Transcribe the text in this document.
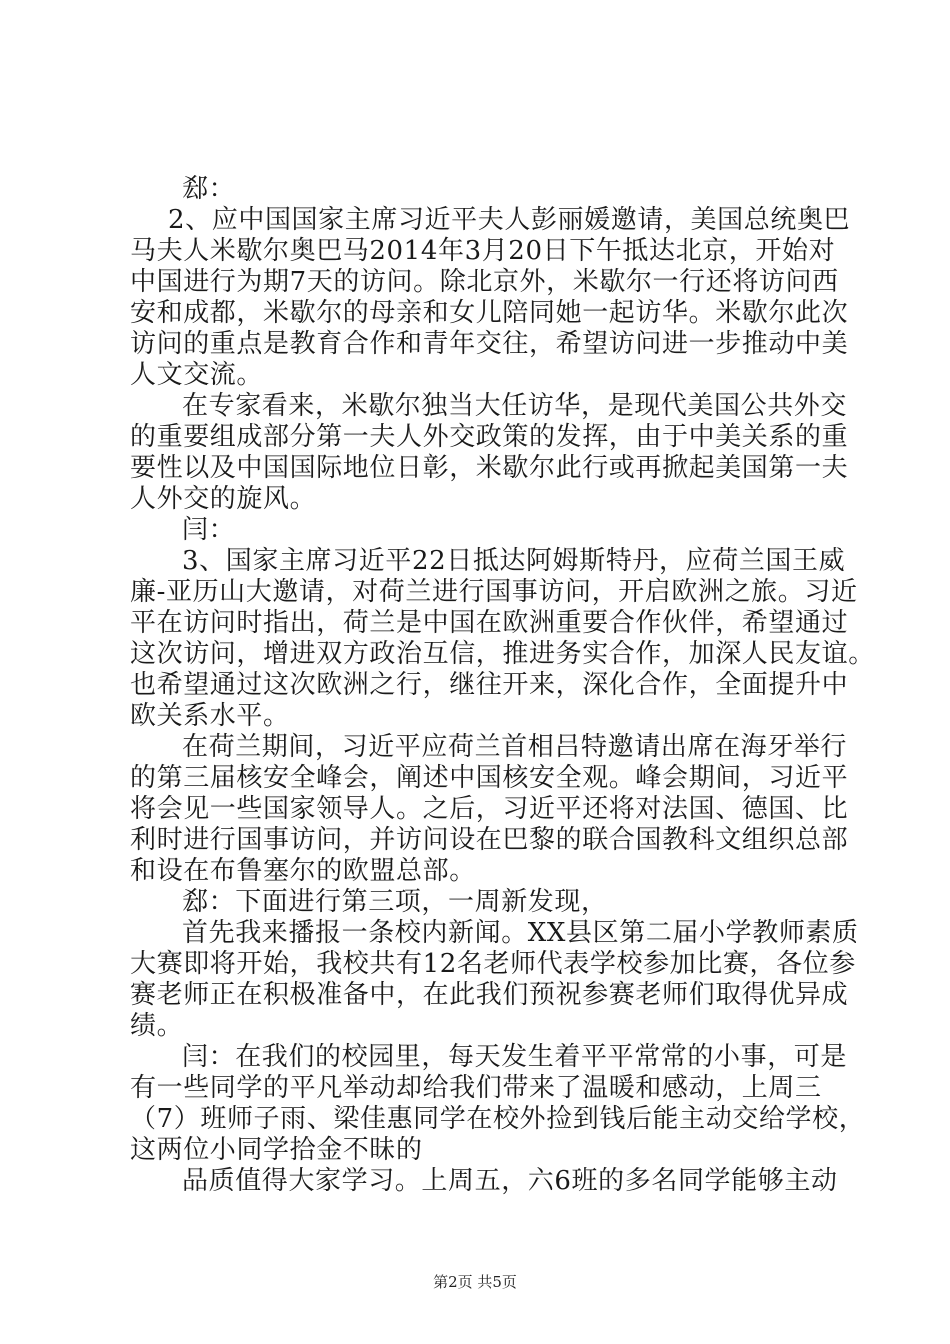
郄：
2、应中国国家主席习近平夫人彭丽媛邀请，美国总统奥巴
马夫人米歇尔奥巴马2014年3月20日下午抵达北京，开始对
中国进行为期7天的访问。除北京外，米歇尔一行还将访问西
安和成都，米歇尔的母亲和女儿陪同她一起访华。米歇尔此次
访问的重点是教育合作和青年交往，希望访问进一步推动中美
人文交流。
在专家看来，米歇尔独当大任访华，是现代美国公共外交
的重要组成部分第一夫人外交政策的发挥，由于中美关系的重
要性以及中国国际地位日彰，米歇尔此行或再掀起美国第一夫
人外交的旋风。
闫：
3、国家主席习近平22日抵达阿姆斯特丹，应荷兰国王威
廉-亚历山大邀请，对荷兰进行国事访问，开启欧洲之旅。习近
平在访问时指出，荷兰是中国在欧洲重要合作伙伴，希望通过
这次访问，增进双方政治互信，推进务实合作，加深人民友谊。
也希望通过这次欧洲之行，继往开来，深化合作，全面提升中
欧关系水平。
在荷兰期间，习近平应荷兰首相吕特邀请出席在海牙举行
的第三届核安全峰会，阐述中国核安全观。峰会期间，习近平
将会见一些国家领导人。之后，习近平还将对法国、德国、比
利时进行国事访问，并访问设在巴黎的联合国教科文组织总部
和设在布鲁塞尔的欧盟总部。
郄：下面进行第三项，一周新发现，
首先我来播报一条校内新闻。XX县区第二届小学教师素质
大赛即将开始，我校共有12名老师代表学校参加比赛，各位参
赛老师正在积极准备中，在此我们预祝参赛老师们取得优异成
绩。
闫：在我们的校园里，每天发生着平平常常的小事，可是
有一些同学的平凡举动却给我们带来了温暖和感动，上周三
（7）班师子雨、梁佳惠同学在校外捡到钱后能主动交给学校，
这两位小同学拾金不昧的
品质值得大家学习。上周五，六6班的多名同学能够主动
第2页 共5页
